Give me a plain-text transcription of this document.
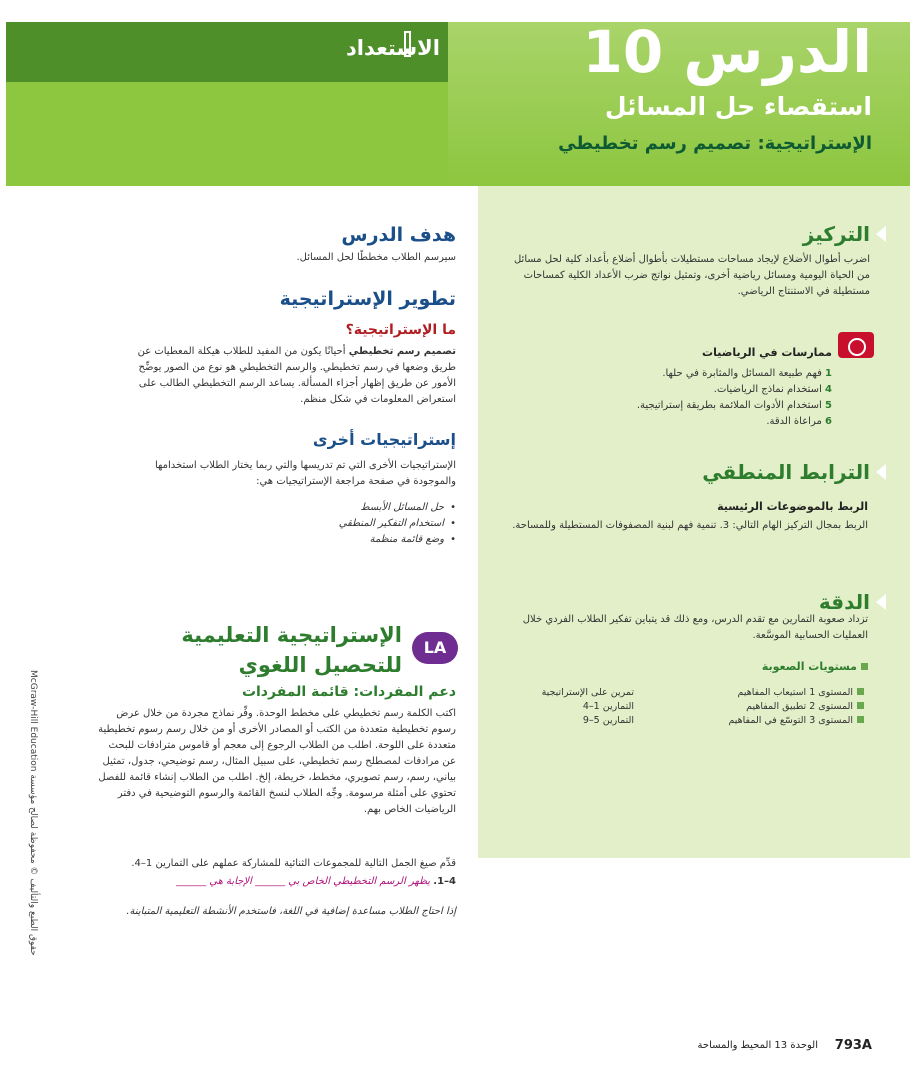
الاستعداد الدرس 10
استقصاء حل المسائل
الإستراتيجية: تصميم رسم تخطيطي
التركيز
اضرب أطوال الأضلاع لإيجاد مساحات مستطيلات بأطوال أضلاع بأعداد كلية لحل مسائل من الحياة اليومية ومسائل رياضية أخرى، وتمثيل نواتج ضرب الأعداد الكلية كمساحات مستطيلة في الاستنتاج الرياضي.
ممارسات في الرياضيات
1 فهم طبيعة المسائل والمثابرة في حلها.
4 استخدام نماذج الرياضيات.
5 استخدام الأدوات الملائمة بطريقة إستراتيجية.
6 مراعاة الدقة.
الترابط المنطقي
الربط بالموضوعات الرئيسية
الربط بمجال التركيز الهام التالي: 3. تنمية فهم لبنية المصفوفات المستطيلة وللمساحة.
الدقة
تزداد صعوبة التمارين مع تقدم الدرس، ومع ذلك قد يتباين تفكير الطلاب الفردي خلال العمليات الحسابية الموسَّعة.
مستويات الصعوبة
المستوى 1 استيعاب المفاهيم
المستوى 2 تطبيق المفاهيم
المستوى 3 التوسّع في المفاهيم
تمرين على الإستراتيجية
التمارين 1–4
التمارين 5–9
هدف الدرس
سيرسم الطلاب مخططًا لحل المسائل.
تطوير الإستراتيجية
ما الإستراتيجية؟
تصميم رسم تخطيطي أحيانًا يكون من المفيد للطلاب هيكلة المعطيات عن طريق وضعها في رسم تخطيطي. والرسم التخطيطي هو نوع من الصور يوضِّح الأمور عن طريق إظهار أجزاء المسألة. يساعد الرسم التخطيطي الطالب على استعراض المعلومات في شكل منظم.
إستراتيجيات أخرى
الإستراتيجيات الأخرى التي تم تدريسها والتي ربما يختار الطلاب استخدامها والموجودة في صفحة مراجعة الإستراتيجيات هي:
• حل المسائل الأبسط
• استخدام التفكير المنطقي
• وضع قائمة منظمة
LA
الإستراتيجية التعليمية للتحصيل اللغوي
دعم المفردات: قائمة المفردات
اكتب الكلمة رسم تخطيطي على مخطط الوحدة. وفِّر نماذج مجردة من خلال عرض رسوم تخطيطية متعددة من الكتب أو المصادر الأخرى أو من خلال رسم رسوم تخطيطية متعددة على اللوحة. اطلب من الطلاب الرجوع إلى معجم أو قاموس مترادفات للبحث عن مرادفات لمصطلح رسم تخطيطي، على سبيل المثال، رسم توضيحي، جدول، تمثيل بياني، رسم، رسم تصويري، مخطط، خريطة، إلخ. اطلب من الطلاب إنشاء قائمة للفصل تحتوي على أمثلة مرسومة. وجِّه الطلاب لنسخ القائمة والرسوم التوضيحية في دفتر الرياضيات الخاص بهم.
قدِّم صيغ الجمل التالية للمجموعات الثنائية للمشاركة عملهم على التمارين 1–4.
4–1. يظهر الرسم التخطيطي الخاص بي ______ الإجابة هي ______
إذا احتاج الطلاب مساعدة إضافية في اللغة، فاستخدم الأنشطة التعليمية المتباينة.
McGraw-Hill Education حقوق الطبع والتأليف © محفوظة لصالح مؤسسة
الوحدة 13 المحيط والمساحة 793A
